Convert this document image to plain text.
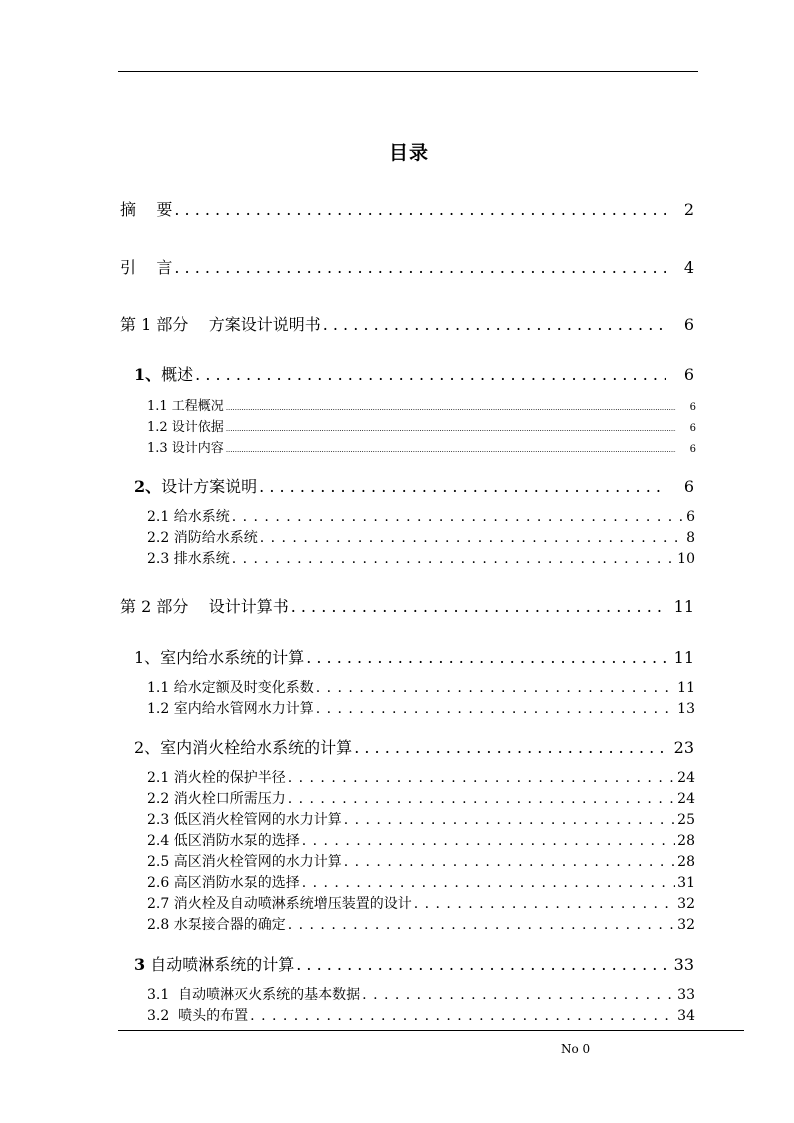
目录
摘    要 . . .	2
引    言 . . .	4
第 1 部分    方案设计说明书 . . .	6
1、概述 . . .	6
1.1 工程概况 .....	6
1.2 设计依据 .....	6
1.3 设计内容 .....	6
2、设计方案说明 . . .	6
2.1 给水系统 . . .	6
2.2 消防给水系统 . . .	8
2.3 排水系统 . . .	10
第 2 部分    设计计算书 . . .	11
1、室内给水系统的计算 . . .	11
1.1 给水定额及时变化系数 . . .	11
1.2 室内给水管网水力计算 . . .	13
2、室内消火栓给水系统的计算 . . .	23
2.1 消火栓的保护半径 . . .	24
2.2 消火栓口所需压力 . . .	24
2.3 低区消火栓管网的水力计算 . . .	25
2.4 低区消防水泵的选择 . . .	28
2.5 高区消火栓管网的水力计算 . . .	28
2.6 高区消防水泵的选择 . . .	31
2.7 消火栓及自动喷淋系统增压装置的设计 . . .	32
2.8 水泵接合器的确定 . . .	32
3 自动喷淋系统的计算 . . .	33
3.1  自动喷淋灭火系统的基本数据 . . .	33
3.2  喷头的布置 . . .	34
No 0
